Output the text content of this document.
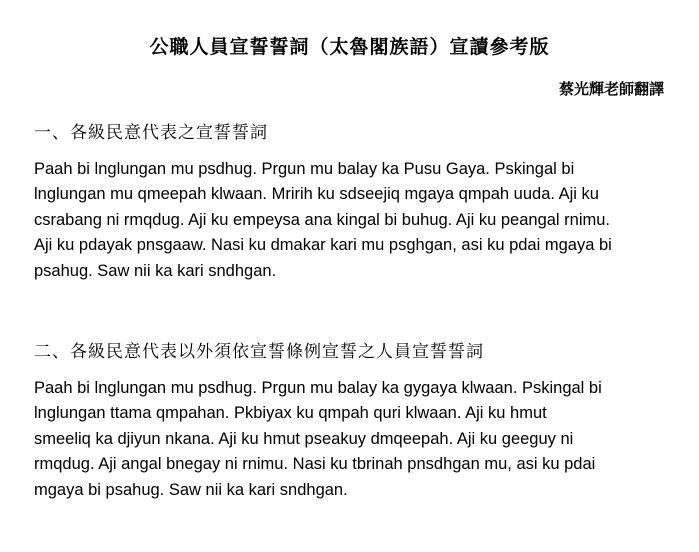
公職人員宣誓誓詞（太魯閣族語）宣讀參考版
蔡光輝老師翻譯
一、各級民意代表之宣誓誓詞

Paah bi lnglungan mu psdhug. Prgun mu balay ka Pusu Gaya. Pskingal bi
lnglungan mu qmeepah klwaan. Mririh ku sdseejiq mgaya qmpah uuda. Aji ku
csrabang ni rmqdug. Aji ku empeysa ana kingal bi buhug. Aji ku peangal rnimu.
Aji ku pdayak pnsgaaw. Nasi ku dmakar kari mu psghgan, asi ku pdai mgaya bi
psahug. Saw nii ka kari sndhgan.

二、各級民意代表以外須依宣誓條例宣誓之人員宣誓誓詞

Paah bi lnglungan mu psdhug. Prgun mu balay ka gygaya klwaan. Pskingal bi
lnglungan ttama qmpahan. Pkbiyax ku qmpah quri klwaan. Aji ku hmut
smeeliq ka djiyun nkana. Aji ku hmut pseakuy dmqeepah. Aji ku geeguy ni
rmqdug. Aji angal bnegay ni rnimu. Nasi ku tbrinah pnsdhgan mu, asi ku pdai
mgaya bi psahug. Saw nii ka kari sndhgan.
